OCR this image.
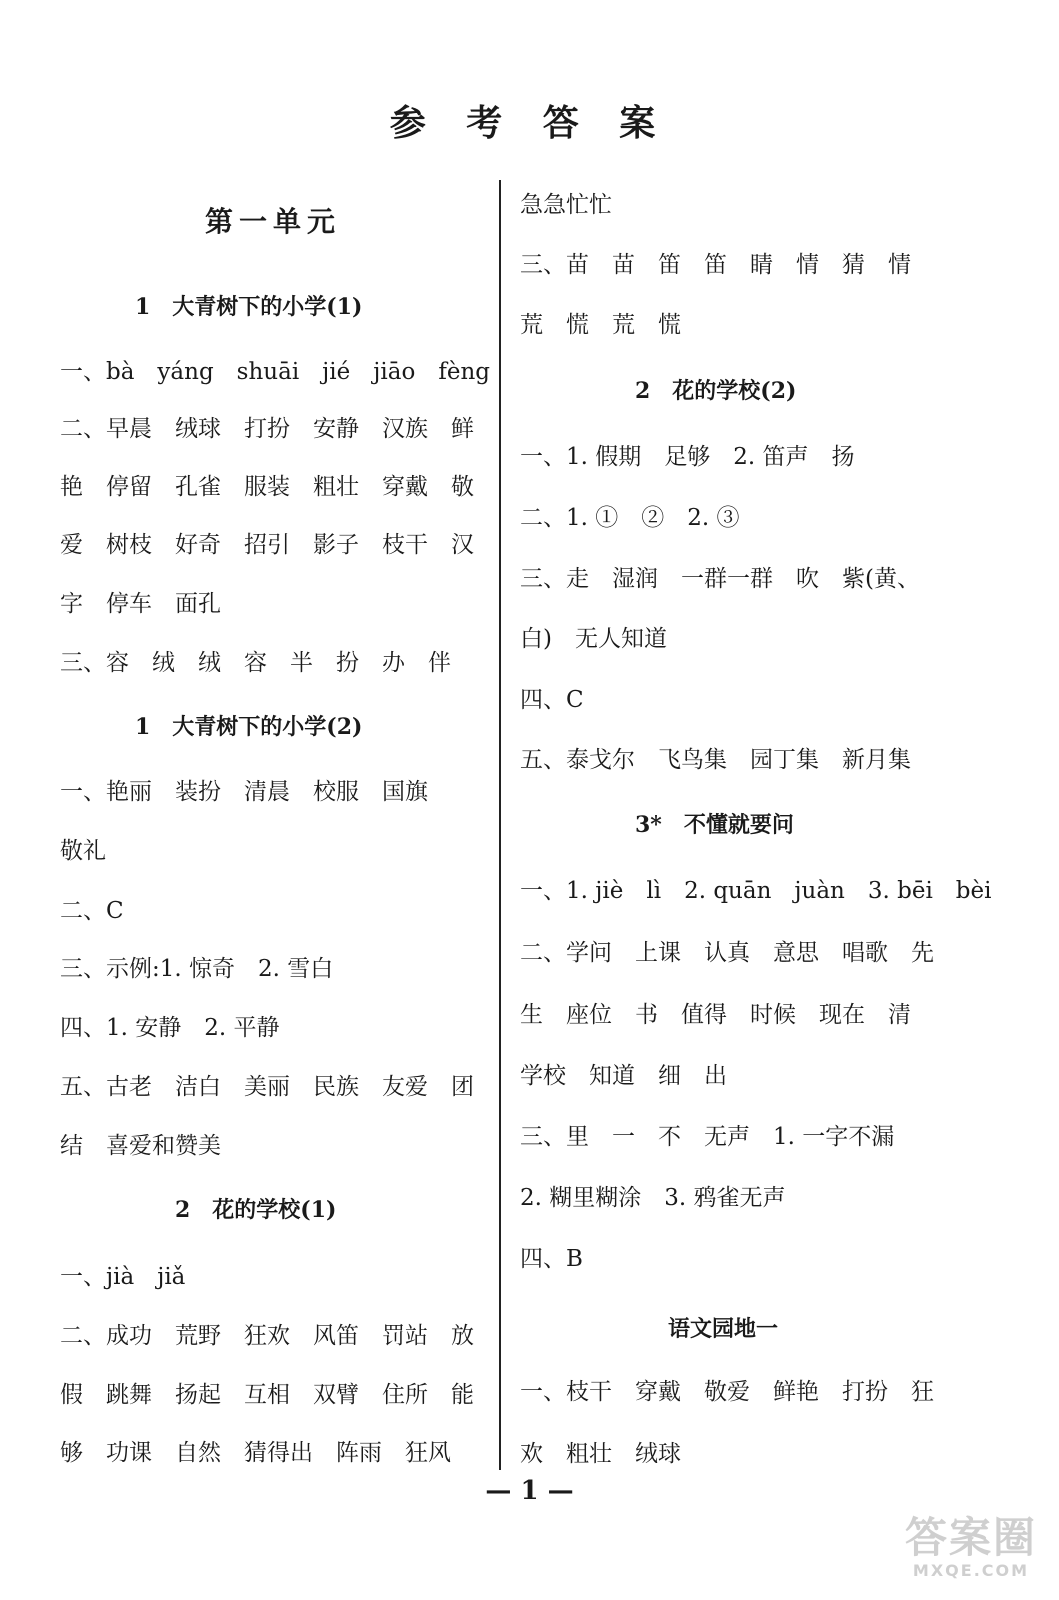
参 考 答 案
第一单元
1　大青树下的小学(1)
一、bà　yáng　shuāi　jié　jiāo　fèng
二、早晨　绒球　打扮　安静　汉族　鲜
艳　停留　孔雀　服装　粗壮　穿戴　敬
爱　树枝　好奇　招引　影子　枝干　汉
字　停车　面孔
三、容　绒　绒　容　半　扮　办　伴
1　大青树下的小学(2)
一、艳丽　装扮　清晨　校服　国旗
敬礼
二、C
三、示例:1. 惊奇　2. 雪白
四、1. 安静　2. 平静
五、古老　洁白　美丽　民族　友爱　团
结　喜爱和赞美
2　花的学校(1)
一、jià　jiǎ
二、成功　荒野　狂欢　风笛　罚站　放
假　跳舞　扬起　互相　双臂　住所　能
够　功课　自然　猜得出　阵雨　狂风
急急忙忙
三、苗　苗　笛　笛　睛　情　猜　情
荒　慌　荒　慌
2　花的学校(2)
一、1. 假期　足够　2. 笛声　扬
二、1. ①　②　2. ③
三、走　湿润　一群一群　吹　紫(黄、
白)　无人知道
四、C
五、泰戈尔　飞鸟集　园丁集　新月集
3*　不懂就要问
一、1. jiè　lì　2. quān　juàn　3. bēi　bèi
二、学问　上课　认真　意思　唱歌　先
生　座位　书　值得　时候　现在　清
学校　知道　细　出
三、里　一　不　无声　1. 一字不漏
2. 糊里糊涂　3. 鸦雀无声
四、B
语文园地一
一、枝干　穿戴　敬爱　鲜艳　打扮　狂
欢　粗壮　绒球
— 1 —
答案圈
MXQE.COM
